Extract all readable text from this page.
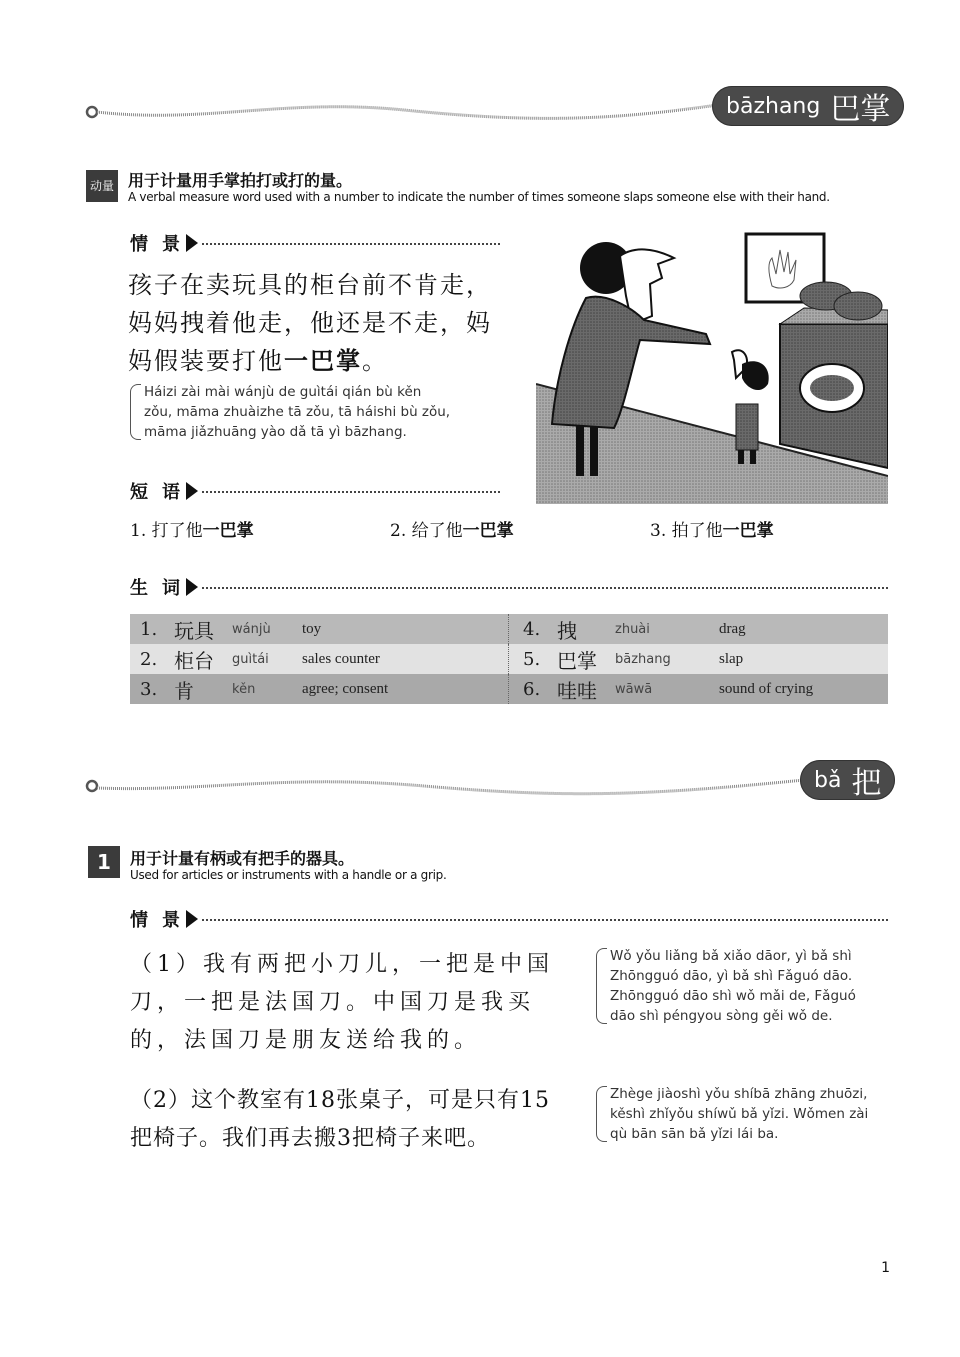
bāzhang 巴掌
动量 用于计量用手掌拍打或打的量。
A verbal measure word used with a number to indicate the number of times someone slaps someone else with their hand.
情景
孩子在卖玩具的柜台前不肯走，
妈妈拽着他走，他还是不走，妈
妈假装要打他一巴掌。
Háizi zài mài wánjù de guìtái qián bù kěn
zǒu, māma zhuàizhe tā zǒu, tā háishi bù zǒu,
māma jiǎzhuāng yào dǎ tā yì bāzhang.
短语
1. 打了他一巴掌	2. 给了他一巴掌	3. 拍了他一巴掌
生词
1. 玩具	wánjù	toy	4. 拽	zhuài	drag
2. 柜台	guìtái	sales counter	5. 巴掌	bāzhang	slap
3. 肯	kěn	agree; consent	6. 哇哇	wāwā	sound of crying
bǎ 把
1	用于计量有柄或有把手的器具。
Used for articles or instruments with a handle or a grip.
情景
（1）我有两把小刀儿，一把是中国
刀，一把是法国刀。中国刀是我买
的，法国刀是朋友送给我的。
Wǒ yǒu liǎng bǎ xiǎo dāor, yì bǎ shì
Zhōngguó dāo, yì bǎ shì Fǎguó dāo.
Zhōngguó dāo shì wǒ mǎi de, Fǎguó
dāo shì péngyou sòng gěi wǒ de.
（2）这个教室有18张桌子，可是只有15
把椅子。我们再去搬3把椅子来吧。
Zhège jiàoshì yǒu shíbā zhāng zhuōzi,
kěshì zhǐyǒu shíwǔ bǎ yǐzi. Wǒmen zài
qù bān sān bǎ yǐzi lái ba.
1
